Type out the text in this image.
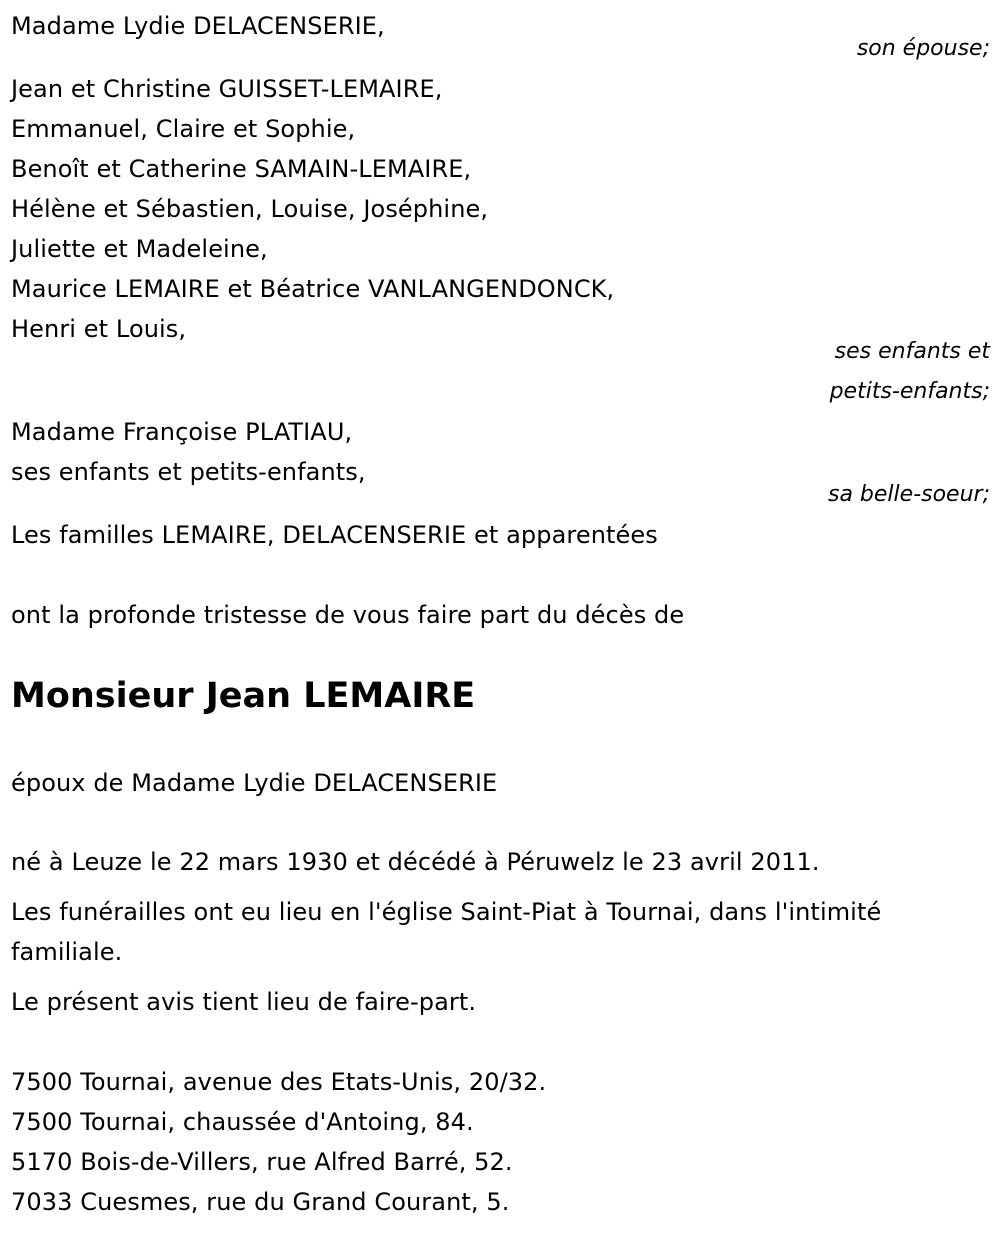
Madame Lydie DELACENSERIE,
son épouse;
Jean et Christine GUISSET-LEMAIRE,
Emmanuel, Claire et Sophie,
Benoît et Catherine SAMAIN-LEMAIRE,
Hélène et Sébastien, Louise, Joséphine,
Juliette et Madeleine,
Maurice LEMAIRE et Béatrice VANLANGENDONCK,
Henri et Louis,
ses enfants et
petits-enfants;
Madame Françoise PLATIAU,
ses enfants et petits-enfants,
sa belle-soeur;
Les familles LEMAIRE, DELACENSERIE et apparentées
ont la profonde tristesse de vous faire part du décès de
Monsieur Jean LEMAIRE
époux de Madame Lydie DELACENSERIE
né à Leuze le 22 mars 1930 et décédé à Péruwelz le 23 avril 2011.
Les funérailles ont eu lieu en l'église Saint-Piat à Tournai, dans l'intimité
familiale.
Le présent avis tient lieu de faire-part.
7500 Tournai, avenue des Etats-Unis, 20/32.
7500 Tournai, chaussée d'Antoing, 84.
5170 Bois-de-Villers, rue Alfred Barré, 52.
7033 Cuesmes, rue du Grand Courant, 5.
